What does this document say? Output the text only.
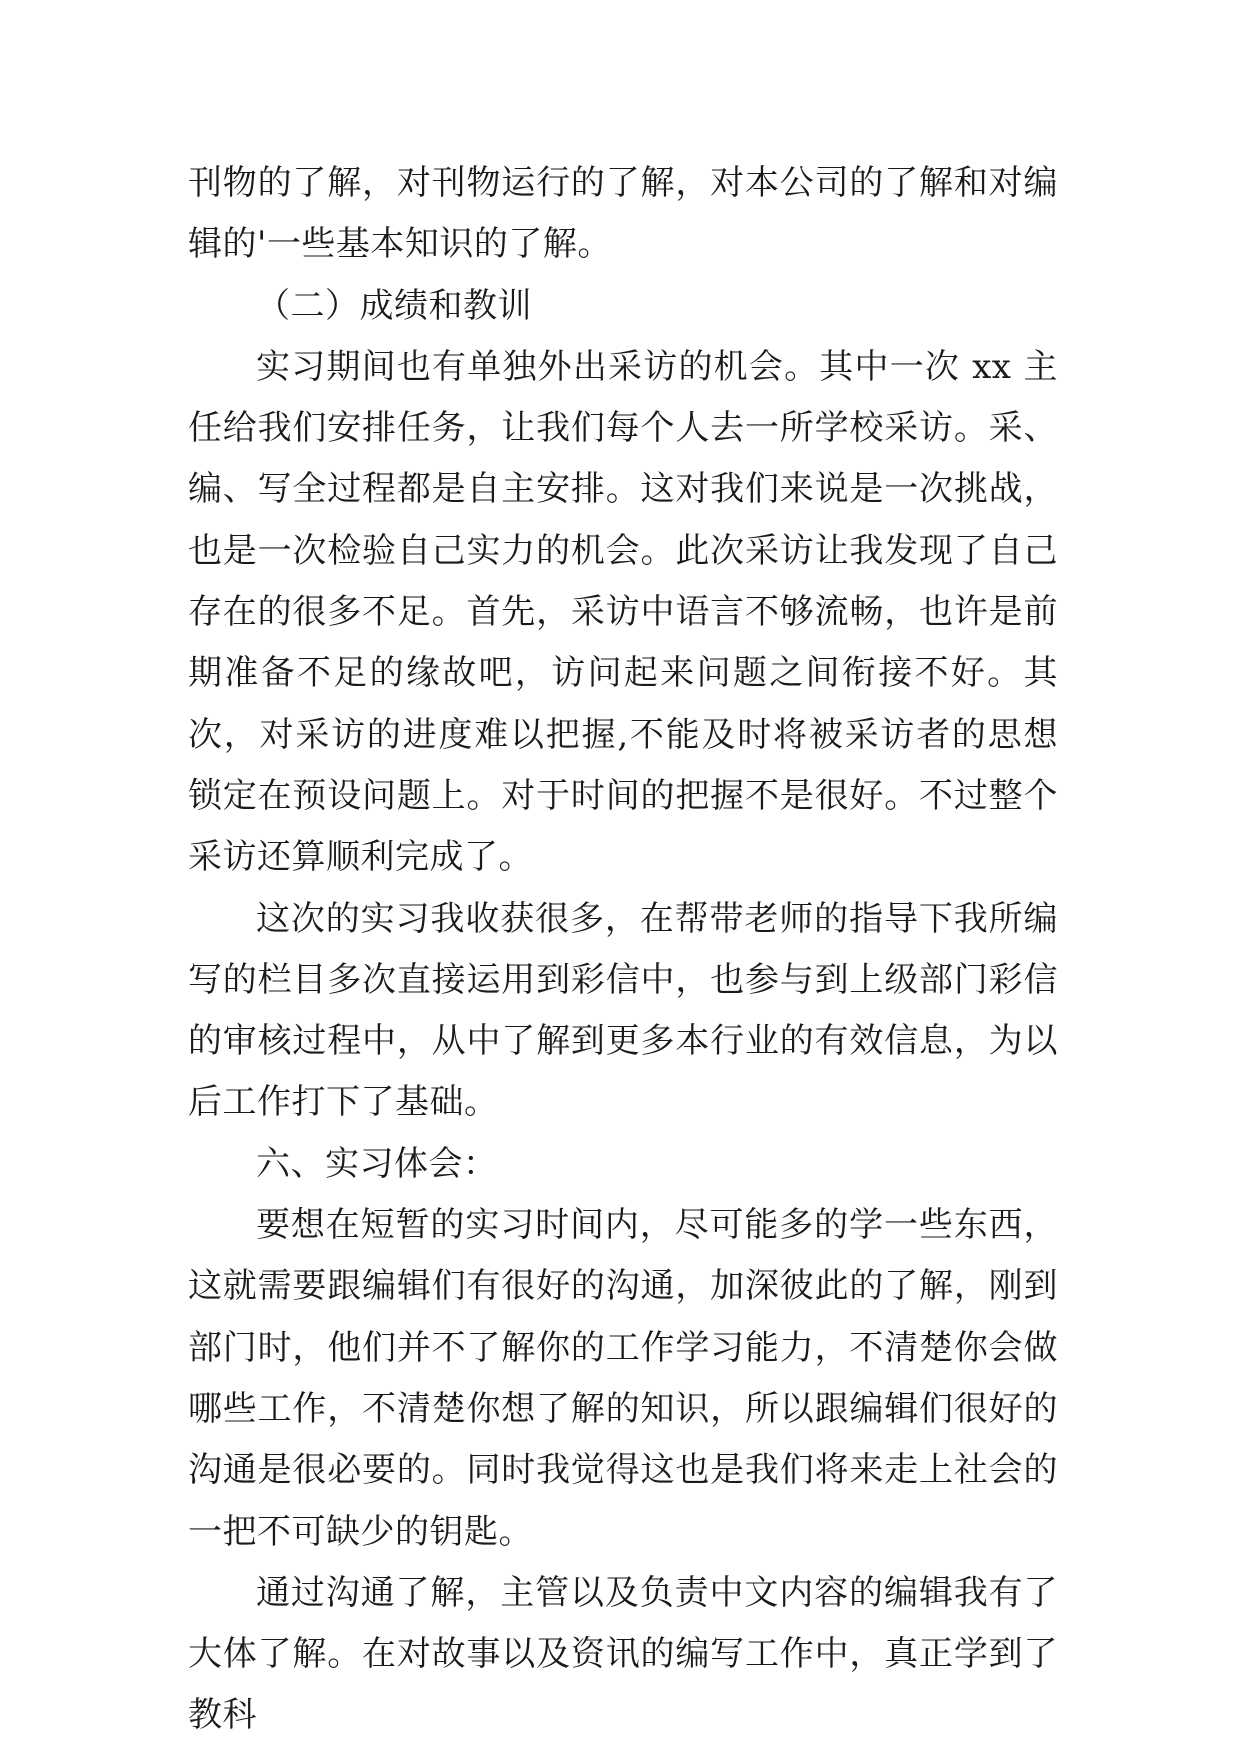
刊物的了解，对刊物运行的了解，对本公司的了解和对编辑的'一些基本知识的了解。

（二）成绩和教训

实习期间也有单独外出采访的机会。其中一次 xx 主任给我们安排任务，让我们每个人去一所学校采访。采、编、写全过程都是自主安排。这对我们来说是一次挑战，也是一次检验自己实力的机会。此次采访让我发现了自己存在的很多不足。首先，采访中语言不够流畅，也许是前期准备不足的缘故吧，访问起来问题之间衔接不好。其次，对采访的进度难以把握,不能及时将被采访者的思想锁定在预设问题上。对于时间的把握不是很好。不过整个采访还算顺利完成了。

这次的实习我收获很多，在帮带老师的指导下我所编写的栏目多次直接运用到彩信中，也参与到上级部门彩信的审核过程中，从中了解到更多本行业的有效信息，为以后工作打下了基础。

六、实习体会：

要想在短暂的实习时间内，尽可能多的学一些东西，这就需要跟编辑们有很好的沟通，加深彼此的了解，刚到部门时，他们并不了解你的工作学习能力，不清楚你会做哪些工作，不清楚你想了解的知识，所以跟编辑们很好的沟通是很必要的。同时我觉得这也是我们将来走上社会的一把不可缺少的钥匙。

通过沟通了解，主管以及负责中文内容的编辑我有了大体了解。在对故事以及资讯的编写工作中，真正学到了教科
